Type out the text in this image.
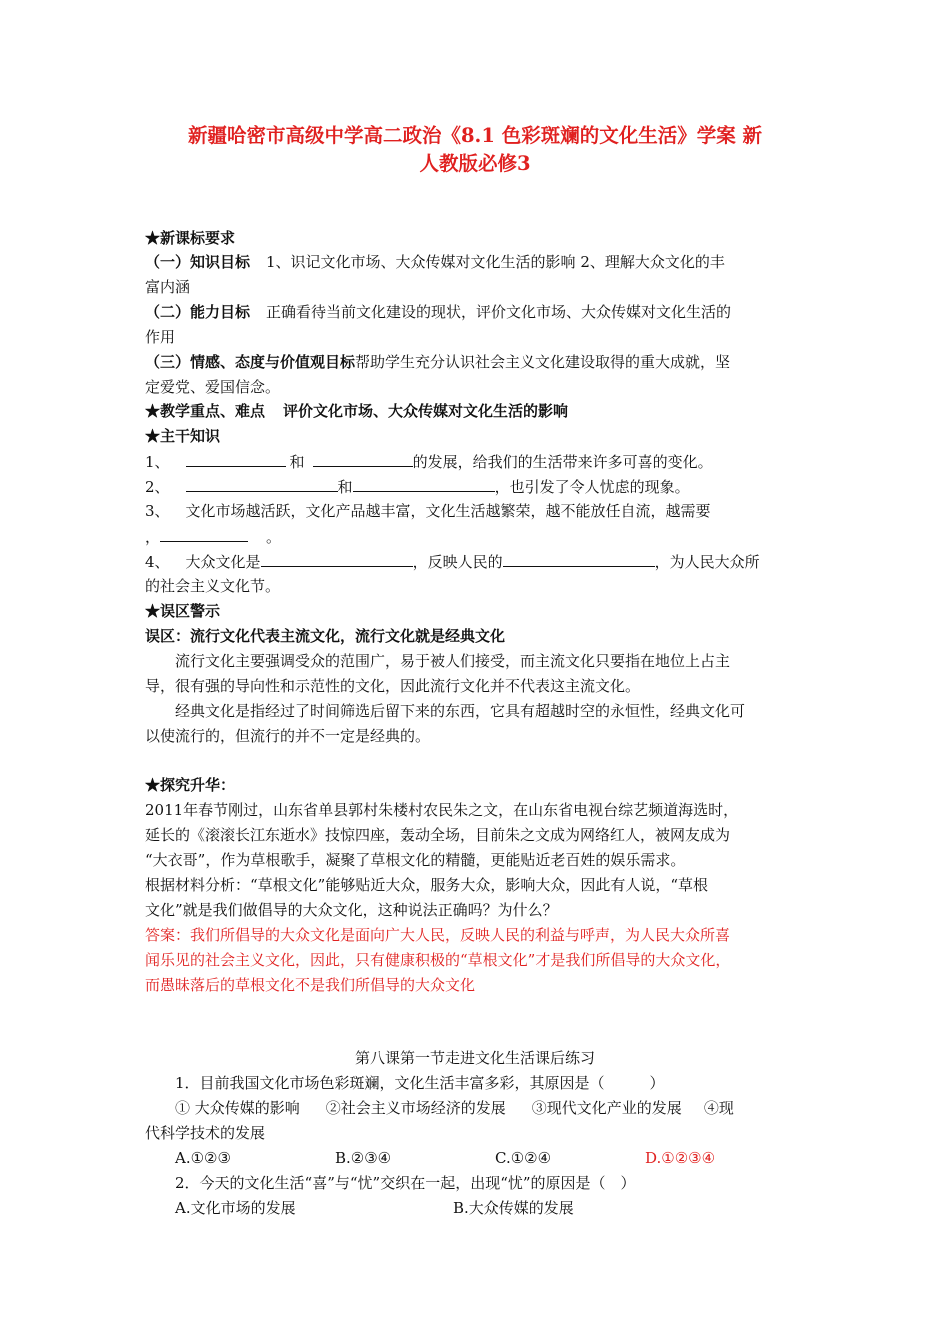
新疆哈密市高级中学高二政治《8.1 色彩斑斓的文化生活》学案 新
人教版必修3
★新课标要求
（一）知识目标 1、识记文化市场、大众传媒对文化生活的影响 2、理解大众文化的丰
富内涵
（二）能力目标 正确看待当前文化建设的现状，评价文化市场、大众传媒对文化生活的
作用
（三）情感、态度与价值观目标帮助学生充分认识社会主义文化建设取得的重大成就，坚
定爱党、爱国信念。
★教学重点、难点 评价文化市场、大众传媒对文化生活的影响
★主干知识
1、	和	的发展，给我们的生活带来许多可喜的变化。
2、	和	，也引发了令人忧虑的现象。
3、 文化市场越活跃，文化产品越丰富，文化生活越繁荣，越不能放任自流，越需要
，	。
4、 大众文化是	，反映人民的	，为人民大众所
的社会主义文化节。
★误区警示
误区：流行文化代表主流文化，流行文化就是经典文化
流行文化主要强调受众的范围广，易于被人们接受，而主流文化只要指在地位上占主
导，很有强的导向性和示范性的文化，因此流行文化并不代表这主流文化。
经典文化是指经过了时间筛选后留下来的东西，它具有超越时空的永恒性，经典文化可
以使流行的，但流行的并不一定是经典的。
★探究升华：
2011年春节刚过，山东省单县郭村朱楼村农民朱之文，在山东省电视台综艺频道海选时，
延长的《滚滚长江东逝水》技惊四座，轰动全场，目前朱之文成为网络红人，被网友成为
“大衣哥”，作为草根歌手，凝聚了草根文化的精髓，更能贴近老百姓的娱乐需求。
根据材料分析：“草根文化”能够贴近大众，服务大众，影响大众，因此有人说，“草根
文化”就是我们做倡导的大众文化，这种说法正确吗？为什么？
答案：我们所倡导的大众文化是面向广大人民，反映人民的利益与呼声，为人民大众所喜
闻乐见的社会主义文化，因此，只有健康积极的“草根文化”才是我们所倡导的大众文化，
而愚昧落后的草根文化不是我们所倡导的大众文化
第八课第一节走进文化生活课后练习
1．目前我国文化市场色彩斑斓，文化生活丰富多彩，其原因是（　　　）
① 大众传媒的影响 ②社会主义市场经济的发展 ③现代文化产业的发展 ④现
代科学技术的发展
A.①②③	B.②③④	C.①②④	D.①②③④
2．今天的文化生活“喜”与“忧”交织在一起，出现“忧”的原因是（　）
A.文化市场的发展	B.大众传媒的发展
